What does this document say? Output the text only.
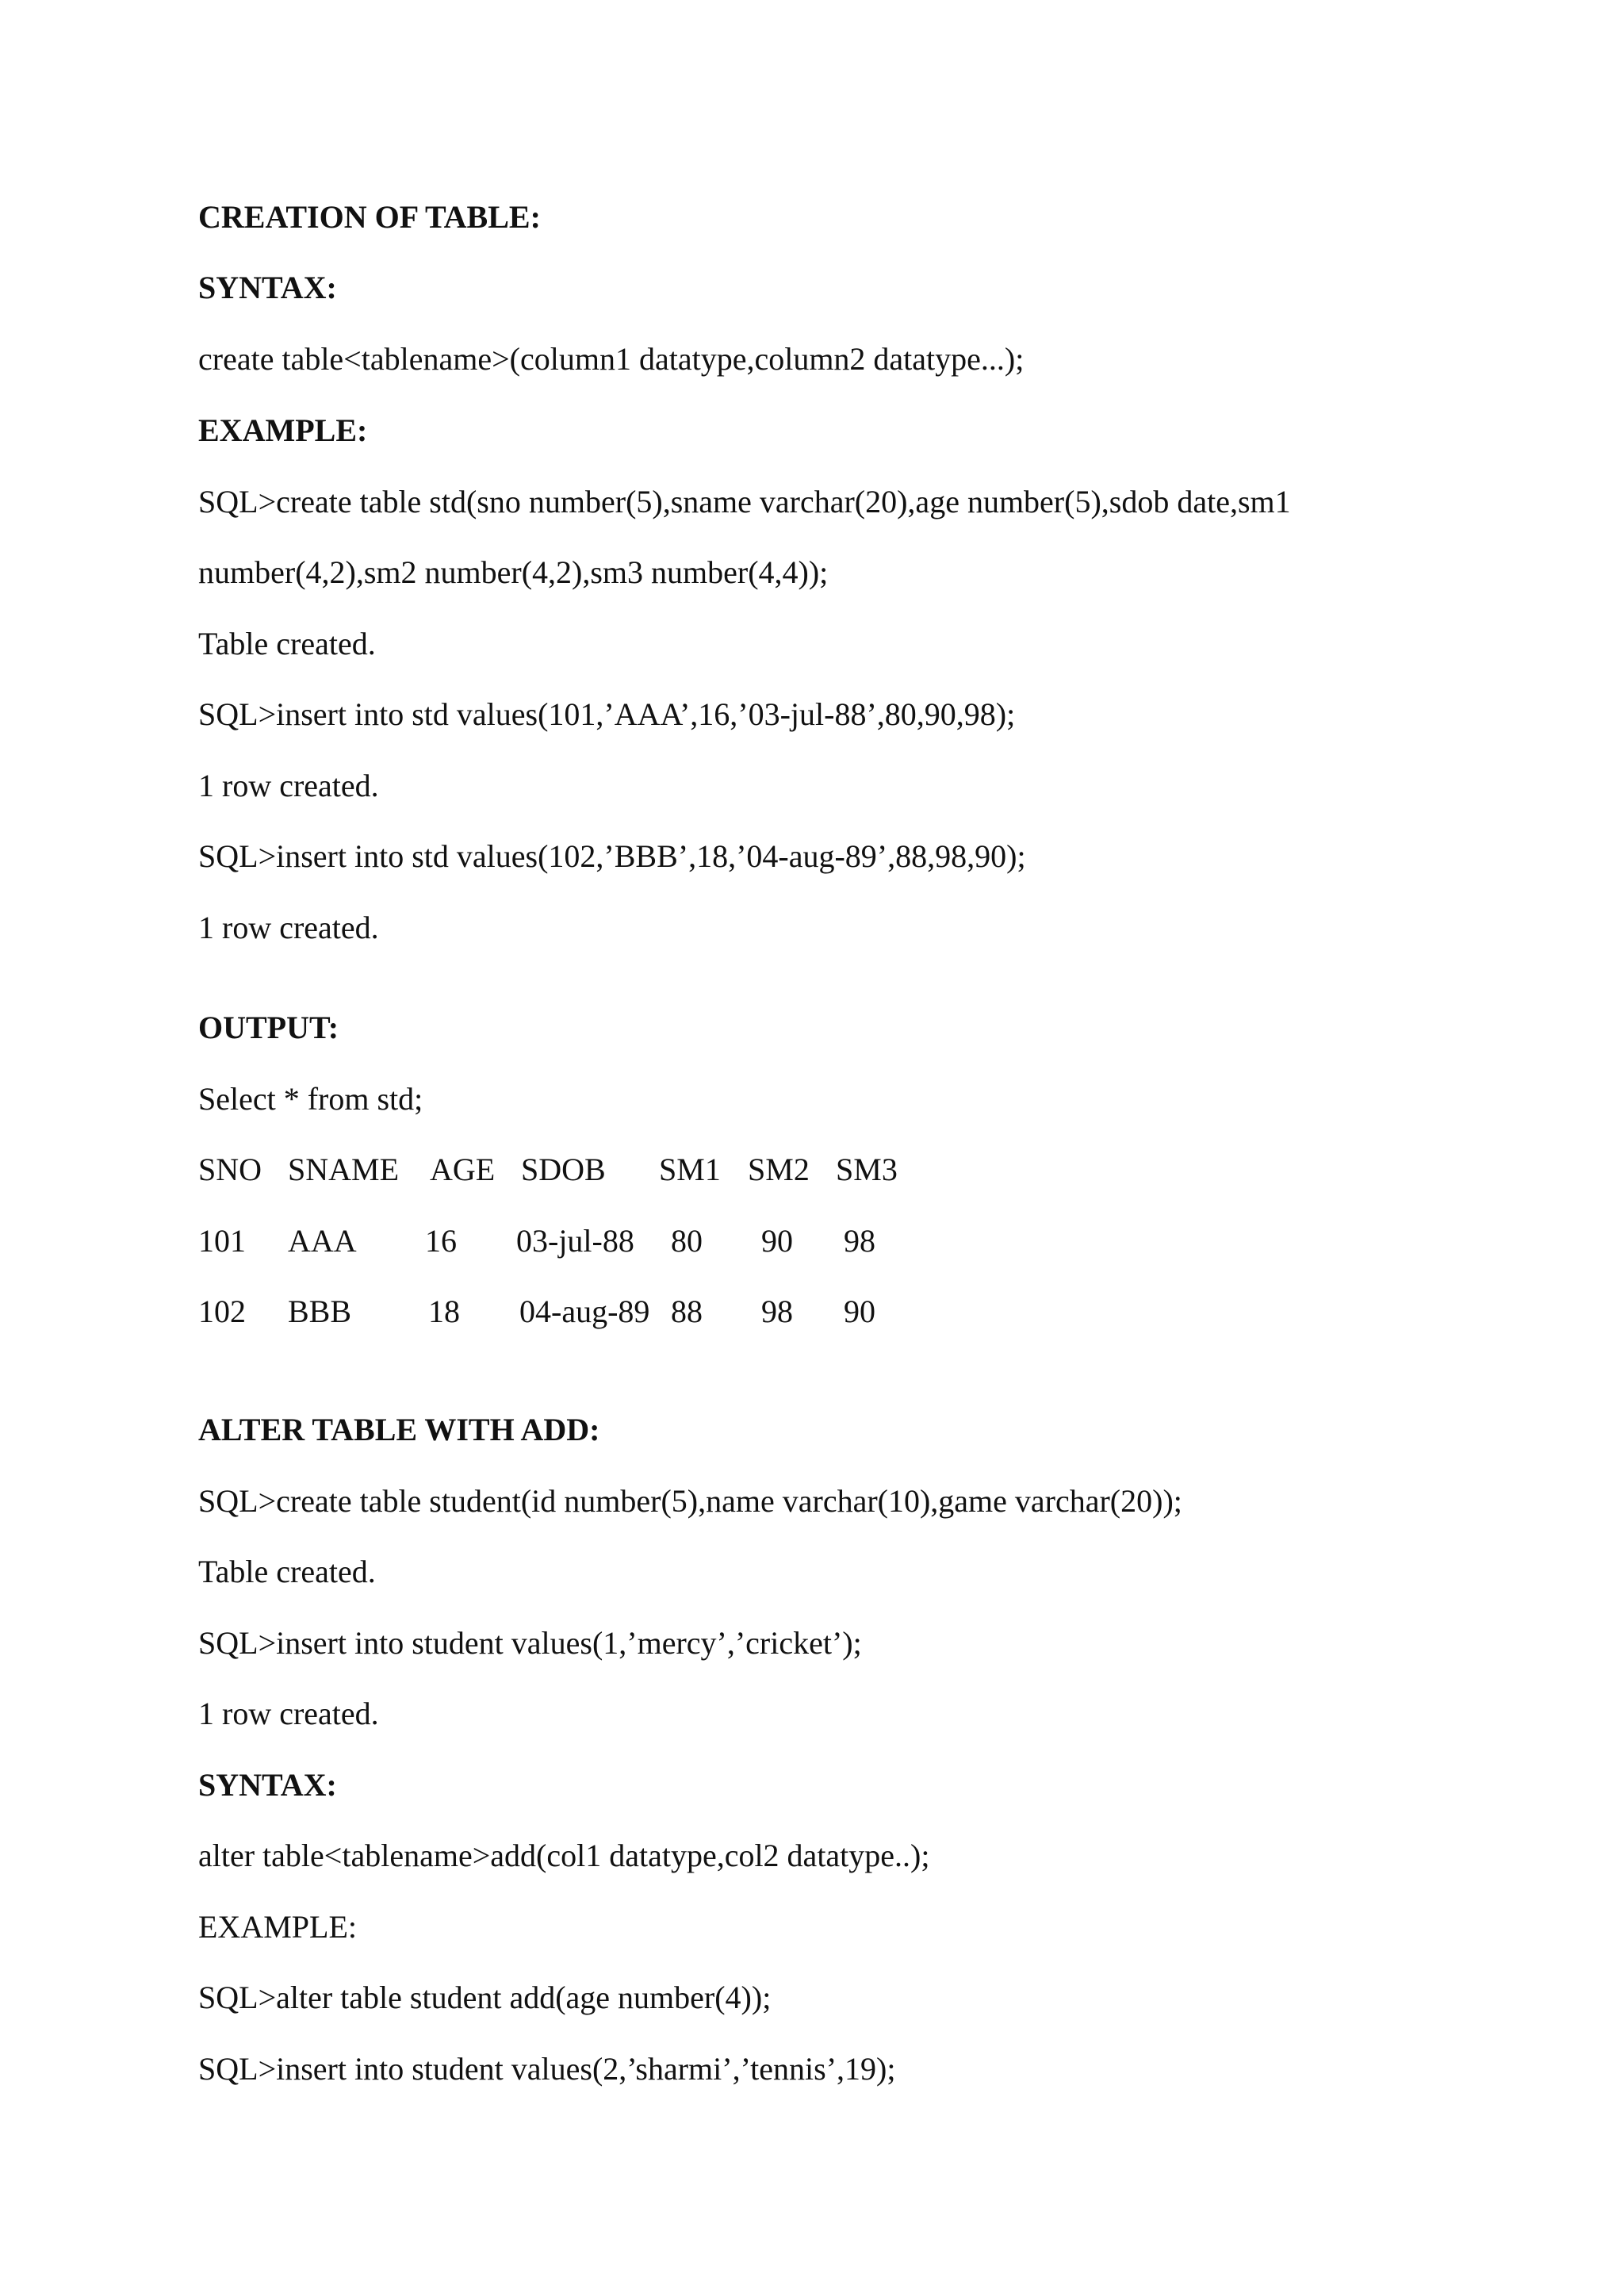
CREATION OF TABLE:
SYNTAX:
create table<tablename>(column1 datatype,column2 datatype...);
EXAMPLE:
SQL>create table std(sno number(5),sname varchar(20),age number(5),sdob date,sm1
number(4,2),sm2 number(4,2),sm3 number(4,4));
Table created.
SQL>insert into std values(101,’AAA’,16,’03-jul-88’,80,90,98);
1 row created.
SQL>insert into std values(102,’BBB’,18,’04-aug-89’,88,98,90);
1 row created.
OUTPUT:
Select * from std;
SNO SNAME AGE SDOB SM1 SM2 SM3
101 AAA 16 03-jul-88 80 90 98
102 BBB 18 04-aug-89 88 98 90
ALTER TABLE WITH ADD:
SQL>create table student(id number(5),name varchar(10),game varchar(20));
Table created.
SQL>insert into student values(1,’mercy’,’cricket’);
1 row created.
SYNTAX:
alter table<tablename>add(col1 datatype,col2 datatype..);
EXAMPLE:
SQL>alter table student add(age number(4));
SQL>insert into student values(2,’sharmi’,’tennis’,19);
